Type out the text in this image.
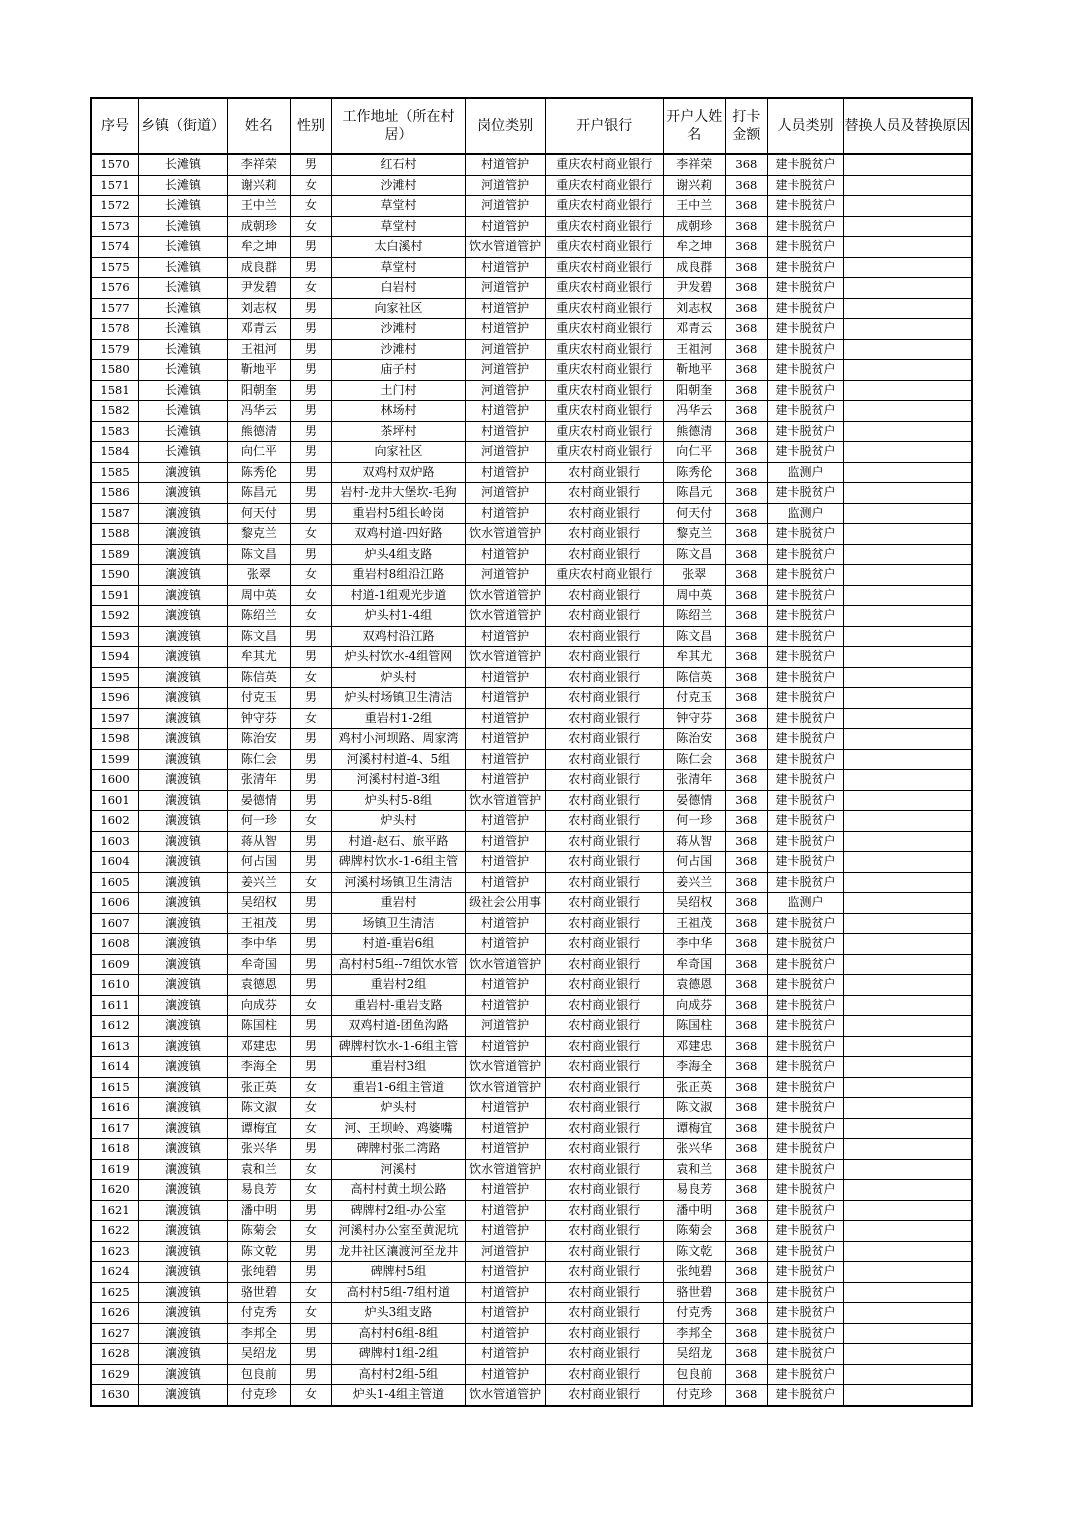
序号	乡镇（街道）	姓名	性别	工作地址（所在村居）	岗位类别	开户银行	开户人姓名	打卡金额	人员类别	替换人员及替换原因
1570	长滩镇	李祥荣	男	红石村	村道管护	重庆农村商业银行	李祥荣	368	建卡脱贫户	
1571	长滩镇	谢兴莉	女	沙滩村	河道管护	重庆农村商业银行	谢兴莉	368	建卡脱贫户	
1572	长滩镇	王中兰	女	草堂村	河道管护	重庆农村商业银行	王中兰	368	建卡脱贫户	
1573	长滩镇	成朝珍	女	草堂村	村道管护	重庆农村商业银行	成朝珍	368	建卡脱贫户	
1574	长滩镇	牟之坤	男	太白溪村	饮水管道管护	重庆农村商业银行	牟之坤	368	建卡脱贫户	
1575	长滩镇	成良群	男	草堂村	村道管护	重庆农村商业银行	成良群	368	建卡脱贫户	
1576	长滩镇	尹发碧	女	白岩村	河道管护	重庆农村商业银行	尹发碧	368	建卡脱贫户	
1577	长滩镇	刘志权	男	向家社区	村道管护	重庆农村商业银行	刘志权	368	建卡脱贫户	
1578	长滩镇	邓青云	男	沙滩村	村道管护	重庆农村商业银行	邓青云	368	建卡脱贫户	
1579	长滩镇	王祖河	男	沙滩村	河道管护	重庆农村商业银行	王祖河	368	建卡脱贫户	
1580	长滩镇	靳地平	男	庙子村	河道管护	重庆农村商业银行	靳地平	368	建卡脱贫户	
1581	长滩镇	阳朝奎	男	土门村	河道管护	重庆农村商业银行	阳朝奎	368	建卡脱贫户	
1582	长滩镇	冯华云	男	林场村	村道管护	重庆农村商业银行	冯华云	368	建卡脱贫户	
1583	长滩镇	熊德清	男	茶坪村	村道管护	重庆农村商业银行	熊德清	368	建卡脱贫户	
1584	长滩镇	向仁平	男	向家社区	河道管护	重庆农村商业银行	向仁平	368	建卡脱贫户	
1585	瀼渡镇	陈秀伦	男	双鸡村双炉路	村道管护	农村商业银行	陈秀伦	368	监测户	
1586	瀼渡镇	陈昌元	男	岩村-龙井大堡坎-毛狗	河道管护	农村商业银行	陈昌元	368	建卡脱贫户	
1587	瀼渡镇	何天付	男	重岩村5组长岭岗	村道管护	农村商业银行	何天付	368	监测户	
1588	瀼渡镇	黎克兰	女	双鸡村道-四好路	饮水管道管护	农村商业银行	黎克兰	368	建卡脱贫户	
1589	瀼渡镇	陈文昌	男	炉头4组支路	村道管护	农村商业银行	陈文昌	368	建卡脱贫户	
1590	瀼渡镇	张翠	女	重岩村8组沿江路	河道管护	重庆农村商业银行	张翠	368	建卡脱贫户	
1591	瀼渡镇	周中英	女	村道-1组观光步道	饮水管道管护	农村商业银行	周中英	368	建卡脱贫户	
1592	瀼渡镇	陈绍兰	女	炉头村1-4组	饮水管道管护	农村商业银行	陈绍兰	368	建卡脱贫户	
1593	瀼渡镇	陈文昌	男	双鸡村沿江路	村道管护	农村商业银行	陈文昌	368	建卡脱贫户	
1594	瀼渡镇	牟其尤	男	炉头村饮水-4组管网	饮水管道管护	农村商业银行	牟其尤	368	建卡脱贫户	
1595	瀼渡镇	陈信英	女	炉头村	村道管护	农村商业银行	陈信英	368	建卡脱贫户	
1596	瀼渡镇	付克玉	男	炉头村场镇卫生清洁	村道管护	农村商业银行	付克玉	368	建卡脱贫户	
1597	瀼渡镇	钟守芬	女	重岩村1-2组	村道管护	农村商业银行	钟守芬	368	建卡脱贫户	
1598	瀼渡镇	陈治安	男	鸡村小河坝路、周家湾	村道管护	农村商业银行	陈治安	368	建卡脱贫户	
1599	瀼渡镇	陈仁会	男	河溪村村道-4、5组	村道管护	农村商业银行	陈仁会	368	建卡脱贫户	
1600	瀼渡镇	张清年	男	河溪村村道-3组	村道管护	农村商业银行	张清年	368	建卡脱贫户	
1601	瀼渡镇	晏德情	男	炉头村5-8组	饮水管道管护	农村商业银行	晏德情	368	建卡脱贫户	
1602	瀼渡镇	何一珍	女	炉头村	村道管护	农村商业银行	何一珍	368	建卡脱贫户	
1603	瀼渡镇	蒋从智	男	村道-赵石、旅平路	村道管护	农村商业银行	蒋从智	368	建卡脱贫户	
1604	瀼渡镇	何占国	男	碑牌村饮水-1-6组主管	村道管护	农村商业银行	何占国	368	建卡脱贫户	
1605	瀼渡镇	姜兴兰	女	河溪村场镇卫生清洁	村道管护	农村商业银行	姜兴兰	368	建卡脱贫户	
1606	瀼渡镇	吴绍权	男	重岩村	级社会公用事	农村商业银行	吴绍权	368	监测户	
1607	瀼渡镇	王祖茂	男	场镇卫生清洁	村道管护	农村商业银行	王祖茂	368	建卡脱贫户	
1608	瀼渡镇	李中华	男	村道-重岩6组	村道管护	农村商业银行	李中华	368	建卡脱贫户	
1609	瀼渡镇	牟奇国	男	高村村5组--7组饮水管	饮水管道管护	农村商业银行	牟奇国	368	建卡脱贫户	
1610	瀼渡镇	袁德恩	男	重岩村2组	村道管护	农村商业银行	袁德恩	368	建卡脱贫户	
1611	瀼渡镇	向成芬	女	重岩村-重岩支路	村道管护	农村商业银行	向成芬	368	建卡脱贫户	
1612	瀼渡镇	陈国柱	男	双鸡村道-团鱼沟路	河道管护	农村商业银行	陈国柱	368	建卡脱贫户	
1613	瀼渡镇	邓建忠	男	碑牌村饮水-1-6组主管	村道管护	农村商业银行	邓建忠	368	建卡脱贫户	
1614	瀼渡镇	李海全	男	重岩村3组	饮水管道管护	农村商业银行	李海全	368	建卡脱贫户	
1615	瀼渡镇	张正英	女	重岩1-6组主管道	饮水管道管护	农村商业银行	张正英	368	建卡脱贫户	
1616	瀼渡镇	陈文淑	女	炉头村	村道管护	农村商业银行	陈文淑	368	建卡脱贫户	
1617	瀼渡镇	谭梅宜	女	河、王坝岭、鸡婆嘴	村道管护	农村商业银行	谭梅宜	368	建卡脱贫户	
1618	瀼渡镇	张兴华	男	碑牌村张二湾路	村道管护	农村商业银行	张兴华	368	建卡脱贫户	
1619	瀼渡镇	袁和兰	女	河溪村	饮水管道管护	农村商业银行	袁和兰	368	建卡脱贫户	
1620	瀼渡镇	易良芳	女	高村村黄土坝公路	村道管护	农村商业银行	易良芳	368	建卡脱贫户	
1621	瀼渡镇	潘中明	男	碑牌村2组-办公室	村道管护	农村商业银行	潘中明	368	建卡脱贫户	
1622	瀼渡镇	陈菊会	女	河溪村办公室至黄泥坑	村道管护	农村商业银行	陈菊会	368	建卡脱贫户	
1623	瀼渡镇	陈文乾	男	龙井社区瀼渡河至龙井	河道管护	农村商业银行	陈文乾	368	建卡脱贫户	
1624	瀼渡镇	张纯碧	男	碑牌村5组	村道管护	农村商业银行	张纯碧	368	建卡脱贫户	
1625	瀼渡镇	骆世碧	女	高村村5组-7组村道	村道管护	农村商业银行	骆世碧	368	建卡脱贫户	
1626	瀼渡镇	付克秀	女	炉头3组支路	村道管护	农村商业银行	付克秀	368	建卡脱贫户	
1627	瀼渡镇	李邦全	男	高村村6组-8组	村道管护	农村商业银行	李邦全	368	建卡脱贫户	
1628	瀼渡镇	吴绍龙	男	碑牌村1组-2组	村道管护	农村商业银行	吴绍龙	368	建卡脱贫户	
1629	瀼渡镇	包良前	男	高村村2组-5组	村道管护	农村商业银行	包良前	368	建卡脱贫户	
1630	瀼渡镇	付克珍	女	炉头1-4组主管道	饮水管道管护	农村商业银行	付克珍	368	建卡脱贫户	
